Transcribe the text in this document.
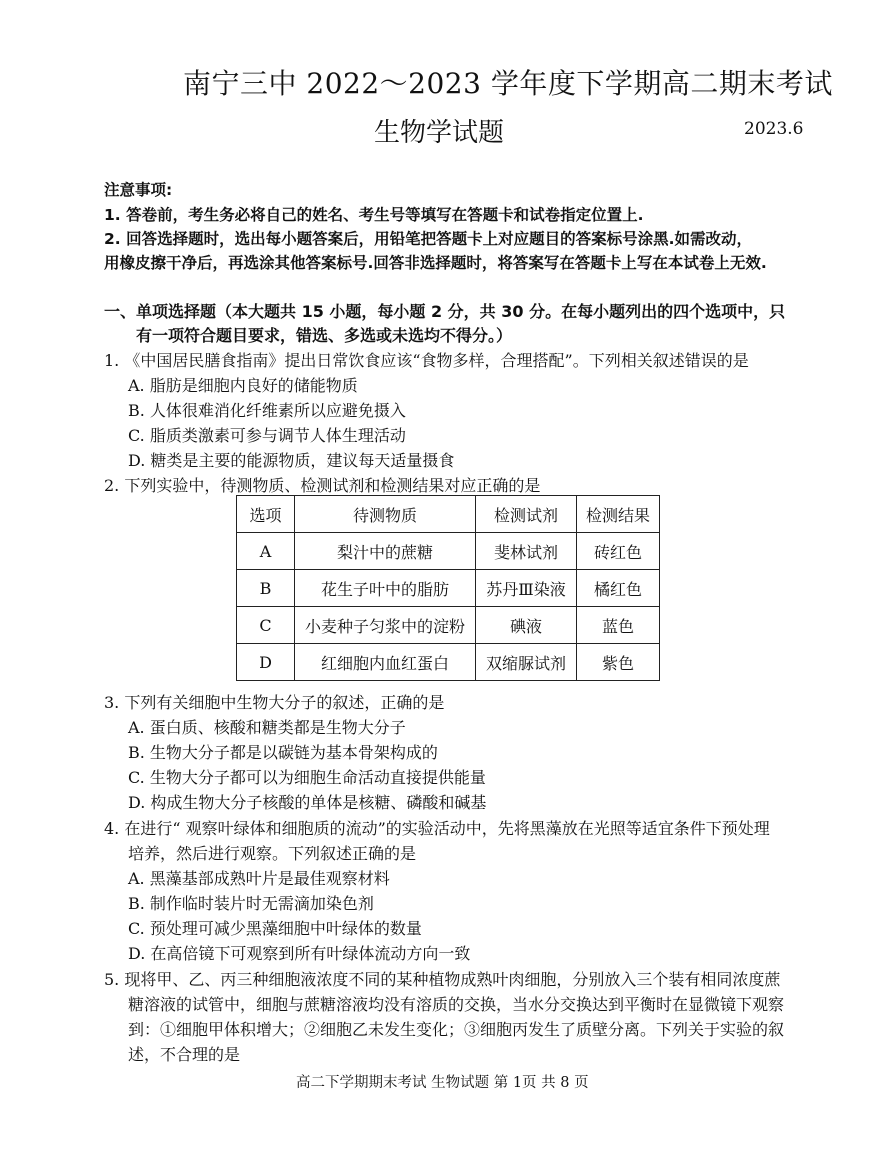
南宁三中 2022～2023 学年度下学期高二期末考试
生物学试题	2023.6
注意事项:
1. 答卷前，考生务必将自己的姓名、考生号等填写在答题卡和试卷指定位置上.
2. 回答选择题时，选出每小题答案后，用铅笔把答题卡上对应题目的答案标号涂黑.如需改动，
用橡皮擦干净后，再选涂其他答案标号.回答非选择题时，将答案写在答题卡上写在本试卷上无效.
一、单项选择题（本大题共 15 小题，每小题 2 分，共 30 分。在每小题列出的四个选项中，只
有一项符合题目要求，错选、多选或未选均不得分。）
1. 《中国居民膳食指南》提出日常饮食应该“食物多样，合理搭配”。下列相关叙述错误的是
A. 脂肪是细胞内良好的储能物质
B. 人体很难消化纤维素所以应避免摄入
C. 脂质类激素可参与调节人体生理活动
D. 糖类是主要的能源物质，建议每天适量摄食
2. 下列实验中，待测物质、检测试剂和检测结果对应正确的是
选项	待测物质	检测试剂	检测结果
A	梨汁中的蔗糖	斐林试剂	砖红色
B	花生子叶中的脂肪	苏丹Ⅲ染液	橘红色
C	小麦种子匀浆中的淀粉	碘液	蓝色
D	红细胞内血红蛋白	双缩脲试剂	紫色
3. 下列有关细胞中生物大分子的叙述，正确的是
A. 蛋白质、核酸和糖类都是生物大分子
B. 生物大分子都是以碳链为基本骨架构成的
C. 生物大分子都可以为细胞生命活动直接提供能量
D. 构成生物大分子核酸的单体是核糖、磷酸和碱基
4. 在进行“ 观察叶绿体和细胞质的流动”的实验活动中，先将黑藻放在光照等适宜条件下预处理
培养，然后进行观察。下列叙述正确的是
A. 黑藻基部成熟叶片是最佳观察材料
B. 制作临时装片时无需滴加染色剂
C. 预处理可减少黑藻细胞中叶绿体的数量
D. 在高倍镜下可观察到所有叶绿体流动方向一致
5. 现将甲、乙、丙三种细胞液浓度不同的某种植物成熟叶肉细胞，分别放入三个装有相同浓度蔗
糖溶液的试管中，细胞与蔗糖溶液均没有溶质的交换，当水分交换达到平衡时在显微镜下观察
到：①细胞甲体积增大；②细胞乙未发生变化；③细胞丙发生了质壁分离。下列关于实验的叙
述，不合理的是
高二下学期期末考试 生物试题 第 1页 共 8 页
